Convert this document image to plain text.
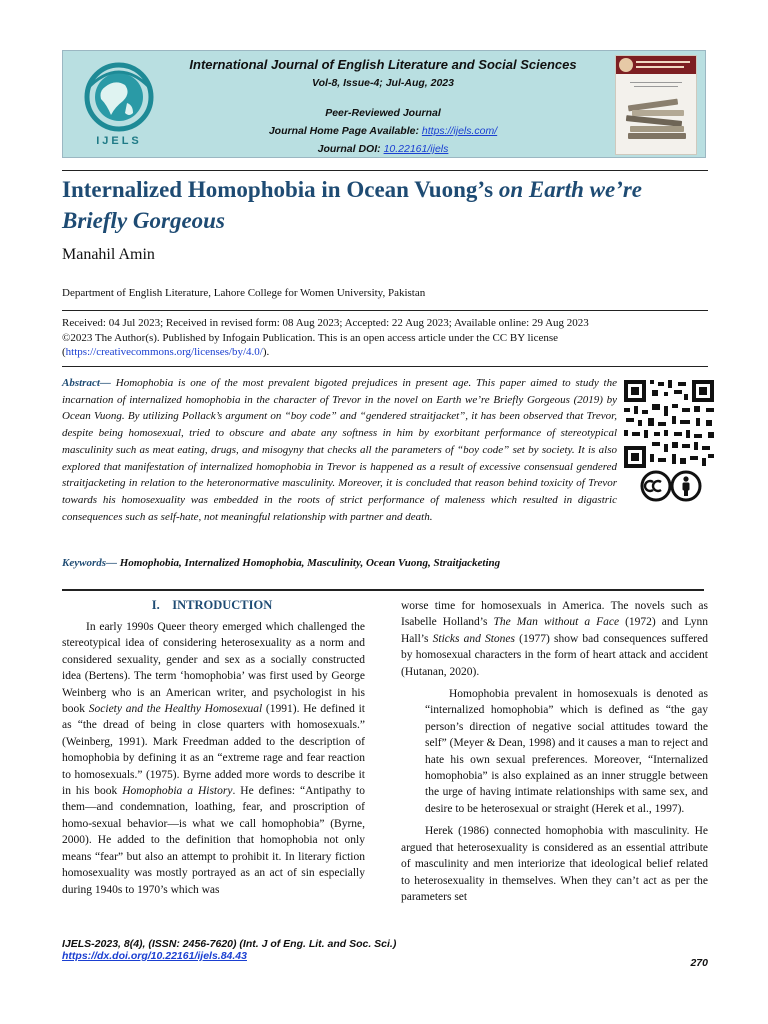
IJELS
International Journal of English Literature and Social Sciences
Vol-8, Issue-4; Jul-Aug, 2023
Peer-Reviewed Journal
Journal Home Page Available: https://ijels.com/
Journal DOI: 10.22161/ijels
Internalized Homophobia in Ocean Vuong’s on Earth we’re Briefly Gorgeous
Manahil Amin
Department of English Literature, Lahore College for Women University, Pakistan
Received: 04 Jul 2023; Received in revised form: 08 Aug 2023; Accepted: 22 Aug 2023; Available online: 29 Aug 2023
©2023 The Author(s). Published by Infogain Publication. This is an open access article under the CC BY license
(https://creativecommons.org/licenses/by/4.0/).
Abstract— Homophobia is one of the most prevalent bigoted prejudices in present age. This paper aimed to study the incarnation of internalized homophobia in the character of Trevor in the novel on Earth we’re Briefly Gorgeous (2019) by Ocean Vuong. By utilizing Pollack’s argument on “boy code” and “gendered straitjacket”, it has been observed that Trevor, despite being homosexual, tried to obscure and abate any softness in him by exorbitant performance of stereotypical masculinity such as meat eating, drugs, and misogyny that checks all the parameters of “boy code” set by society. It is also explored that manifestation of internalized homophobia in Trevor is happened as a result of excessive consensual gendered straitjacketing in relation to the heteronormative masculinity. Moreover, it is concluded that reason behind toxicity of Trevor towards his homosexuality was embedded in the roots of strict performance of maleness which resulted in digastric consequences such as self-hate, not meaningful relationship with partner and death.
Keywords— Homophobia, Internalized Homophobia, Masculinity, Ocean Vuong, Straitjacketing
I. INTRODUCTION

In early 1990s Queer theory emerged which challenged the stereotypical idea of considering heterosexuality as a norm and considered sexuality, gender and sex as a socially constructed idea (Bertens). The term ‘homophobia’ was first used by George Weinberg who is an American writer, and psychologist in his book Society and the Healthy Homosexual (1991). He defined it as “the dread of being in close quarters with homosexuals.” (Weinberg, 1991). Mark Freedman added to the description of homophobia by defining it as an “extreme rage and fear reaction to homosexuals.” (1975). Byrne added more words to describe it in his book Homophobia a History. He defines: “Antipathy to them—and condemnation, loathing, fear, and proscription of homo-sexual behavior—is what we call homophobia” (Byrne, 2000). He added to the definition that homophobia not only means “fear” but also an attempt to prohibit it. In literary fiction homosexuality was mostly portrayed as an act of sin especially during 1940s to 1970’s which was

worse time for homosexuals in America. The novels such as Isabelle Holland’s The Man without a Face (1972) and Lynn Hall’s Sticks and Stones (1977) show bad consequences suffered by homosexual characters in the form of heart attack and accident (Hutanan, 2020).

Homophobia prevalent in homosexuals is denoted as “internalized homophobia” which is defined as “the gay person’s direction of negative social attitudes toward the self” (Meyer & Dean, 1998) and it causes a man to reject and hate his own sexual preferences. Moreover, “Internalized homophobia” is also explained as an inner struggle between the urge of having intimate relationships with same sex, and desire to be heterosexual or straight (Herek et al., 1997).

Herek (1986) connected homophobia with masculinity. He argued that heterosexuality is considered as an essential attribute of masculinity and men interiorize that ideological belief related to heterosexuality in themselves. When they can’t act as per the parameters set

IJELS-2023, 8(4), (ISSN: 2456-7620) (Int. J of Eng. Lit. and Soc. Sci.)
https://dx.doi.org/10.22161/ijels.84.43
270
